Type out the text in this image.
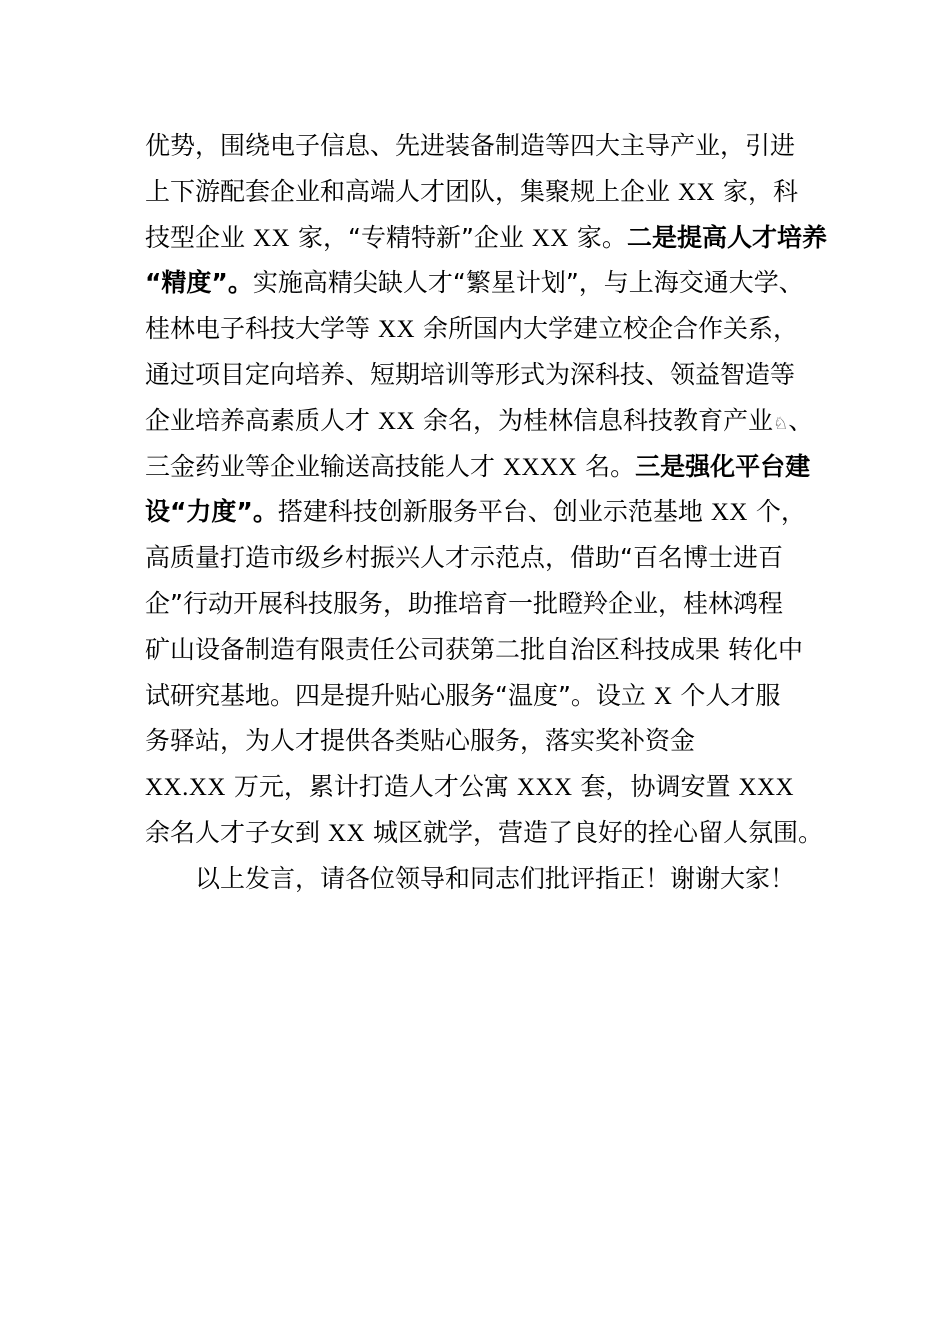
优势，围绕电子信息、先进装备制造等四大主导产业，引进
上下游配套企业和高端人才团队，集聚规上企业 XX 家，科
技型企业 XX 家，“专精特新”企业 XX 家。二是提高人才培养
“精度”。实施高精尖缺人才“繁星计划”，与上海交通大学、
桂林电子科技大学等 XX 余所国内大学建立校企合作关系，
通过项目定向培养、短期培训等形式为深科技、领益智造等
企业培养高素质人才 XX 余名，为桂林信息科技教育产业♘、
三金药业等企业输送高技能人才 XXXX 名。三是强化平台建
设“力度”。搭建科技创新服务平台、创业示范基地 XX 个，
高质量打造市级乡村振兴人才示范点，借助“百名博士进百
企”行动开展科技服务，助推培育一批瞪羚企业，桂林鸿程
矿山设备制造有限责任公司获第二批自治区科技成果 转化中
试研究基地。四是提升贴心服务“温度”。设立 X 个人才服
务驿站，为人才提供各类贴心服务，落实奖补资金
XX.XX 万元，累计打造人才公寓 XXX 套，协调安置 XXX
余名人才子女到 XX 城区就学，营造了良好的拴心留人氛围。
以上发言，请各位领导和同志们批评指正！谢谢大家！
